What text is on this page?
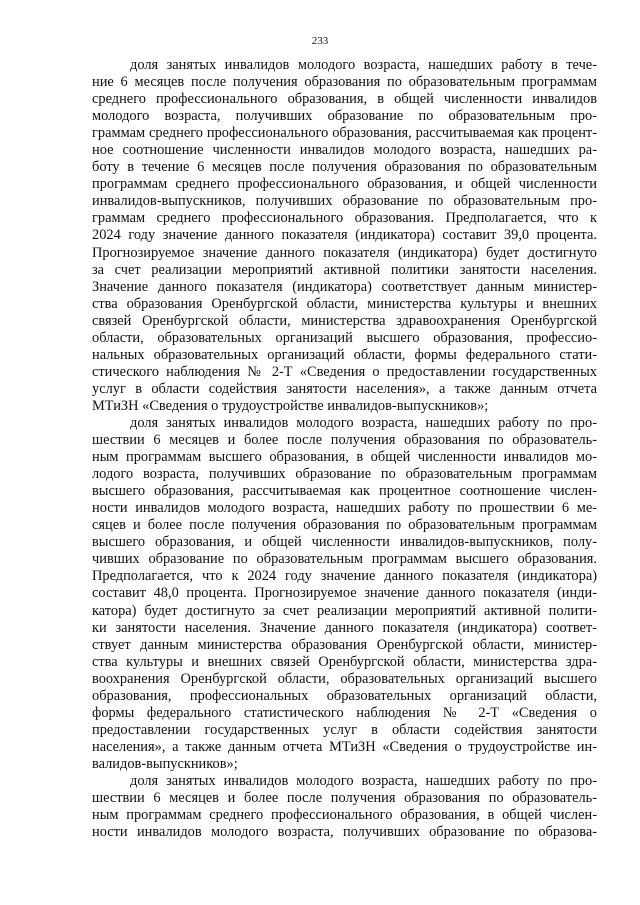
233
доля занятых инвалидов молодого возраста, нашедших работу в тече-
ние 6 месяцев после получения образования по образовательным программам
среднего профессионального образования, в общей численности инвалидов
молодого возраста, получивших образование по образовательным про-
граммам среднего профессионального образования, рассчитываемая как процент-
ное соотношение численности инвалидов молодого возраста, нашедших ра-
боту в течение 6 месяцев после получения образования по образовательным
программам среднего профессионального образования, и общей численности
инвалидов-выпускников, получивших образование по образовательным про-
граммам среднего профессионального образования. Предполагается, что к
2024 году значение данного показателя (индикатора) составит 39,0 процента.
Прогнозируемое значение данного показателя (индикатора) будет достигнуто
за счет реализации мероприятий активной политики занятости населения.
Значение данного показателя (индикатора) соответствует данным министер-
ства образования Оренбургской области, министерства культуры и внешних
связей Оренбургской области, министерства здравоохранения Оренбургской
области, образовательных организаций высшего образования, профессио-
нальных образовательных организаций области, формы федерального стати-
стического наблюдения № 2-Т «Сведения о предоставлении государственных
услуг в области содействия занятости населения», а также данным отчета
МТиЗН «Сведения о трудоустройстве инвалидов-выпускников»;
доля занятых инвалидов молодого возраста, нашедших работу по про-
шествии 6 месяцев и более после получения образования по образователь-
ным программам высшего образования, в общей численности инвалидов мо-
лодого возраста, получивших образование по образовательным программам
высшего образования, рассчитываемая как процентное соотношение числен-
ности инвалидов молодого возраста, нашедших работу по прошествии 6 ме-
сяцев и более после получения образования по образовательным программам
высшего образования, и общей численности инвалидов-выпускников, полу-
чивших образование по образовательным программам высшего образования.
Предполагается, что к 2024 году значение данного показателя (индикатора)
составит 48,0 процента. Прогнозируемое значение данного показателя (инди-
катора) будет достигнуто за счет реализации мероприятий активной полити-
ки занятости населения. Значение данного показателя (индикатора) соответ-
ствует данным министерства образования Оренбургской области, министер-
ства культуры и внешних связей Оренбургской области, министерства здра-
воохранения Оренбургской области, образовательных организаций высшего
образования, профессиональных образовательных организаций области,
формы федерального статистического наблюдения № 2-Т «Сведения о
предоставлении государственных услуг в области содействия занятости
населения», а также данным отчета МТиЗН «Сведения о трудоустройстве ин-
валидов-выпускников»;
доля занятых инвалидов молодого возраста, нашедших работу по про-
шествии 6 месяцев и более после получения образования по образователь-
ным программам среднего профессионального образования, в общей числен-
ности инвалидов молодого возраста, получивших образование по образова-
